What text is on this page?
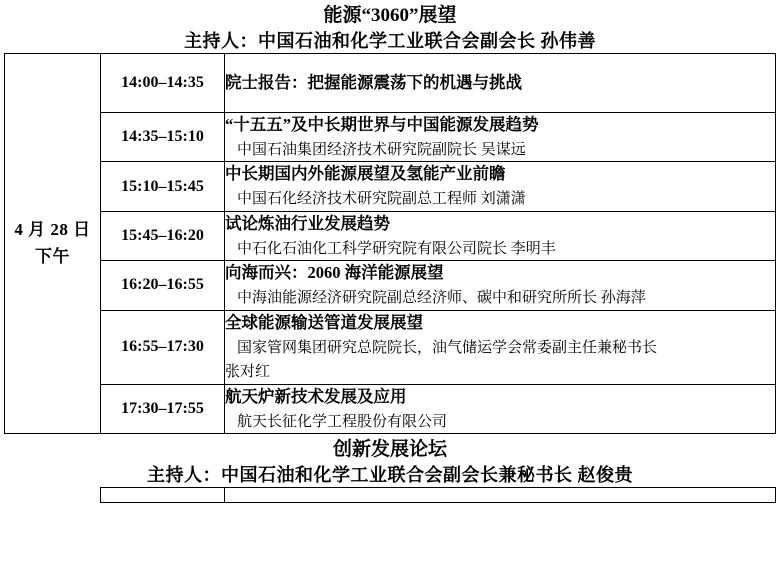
能源“3060”展望		
主持人：中国石油和化学工业联合会副会长 孙伟善		

4 月 28 日
下午	14:00–14:35	院士报告：把握能源震荡下的机遇与挑战

	14:35–15:10	“十五五”及中长期世界与中国能源发展趋势
中国石油集团经济技术研究院副院长 吴谋远

	15:10–15:45	中长期国内外能源展望及氢能产业前瞻
中国石化经济技术研究院副总工程师 刘潇潇

	15:45–16:20	试论炼油行业发展趋势
中石化石油化工科学研究院有限公司院长 李明丰

	16:20–16:55	向海而兴：2060 海洋能源展望
中海油能源经济研究院副总经济师、碳中和研究所所长 孙海萍

	16:55–17:30	全球能源输送管道发展展望
国家管网集团研究总院院长，油气储运学会常委副主任兼秘书长
张对红

	17:30–17:55	航天炉新技术发展及应用
航天长征化学工程股份有限公司

创新发展论坛		
主持人：中国石油和化学工业联合会副会长兼秘书长 赵俊贵		
